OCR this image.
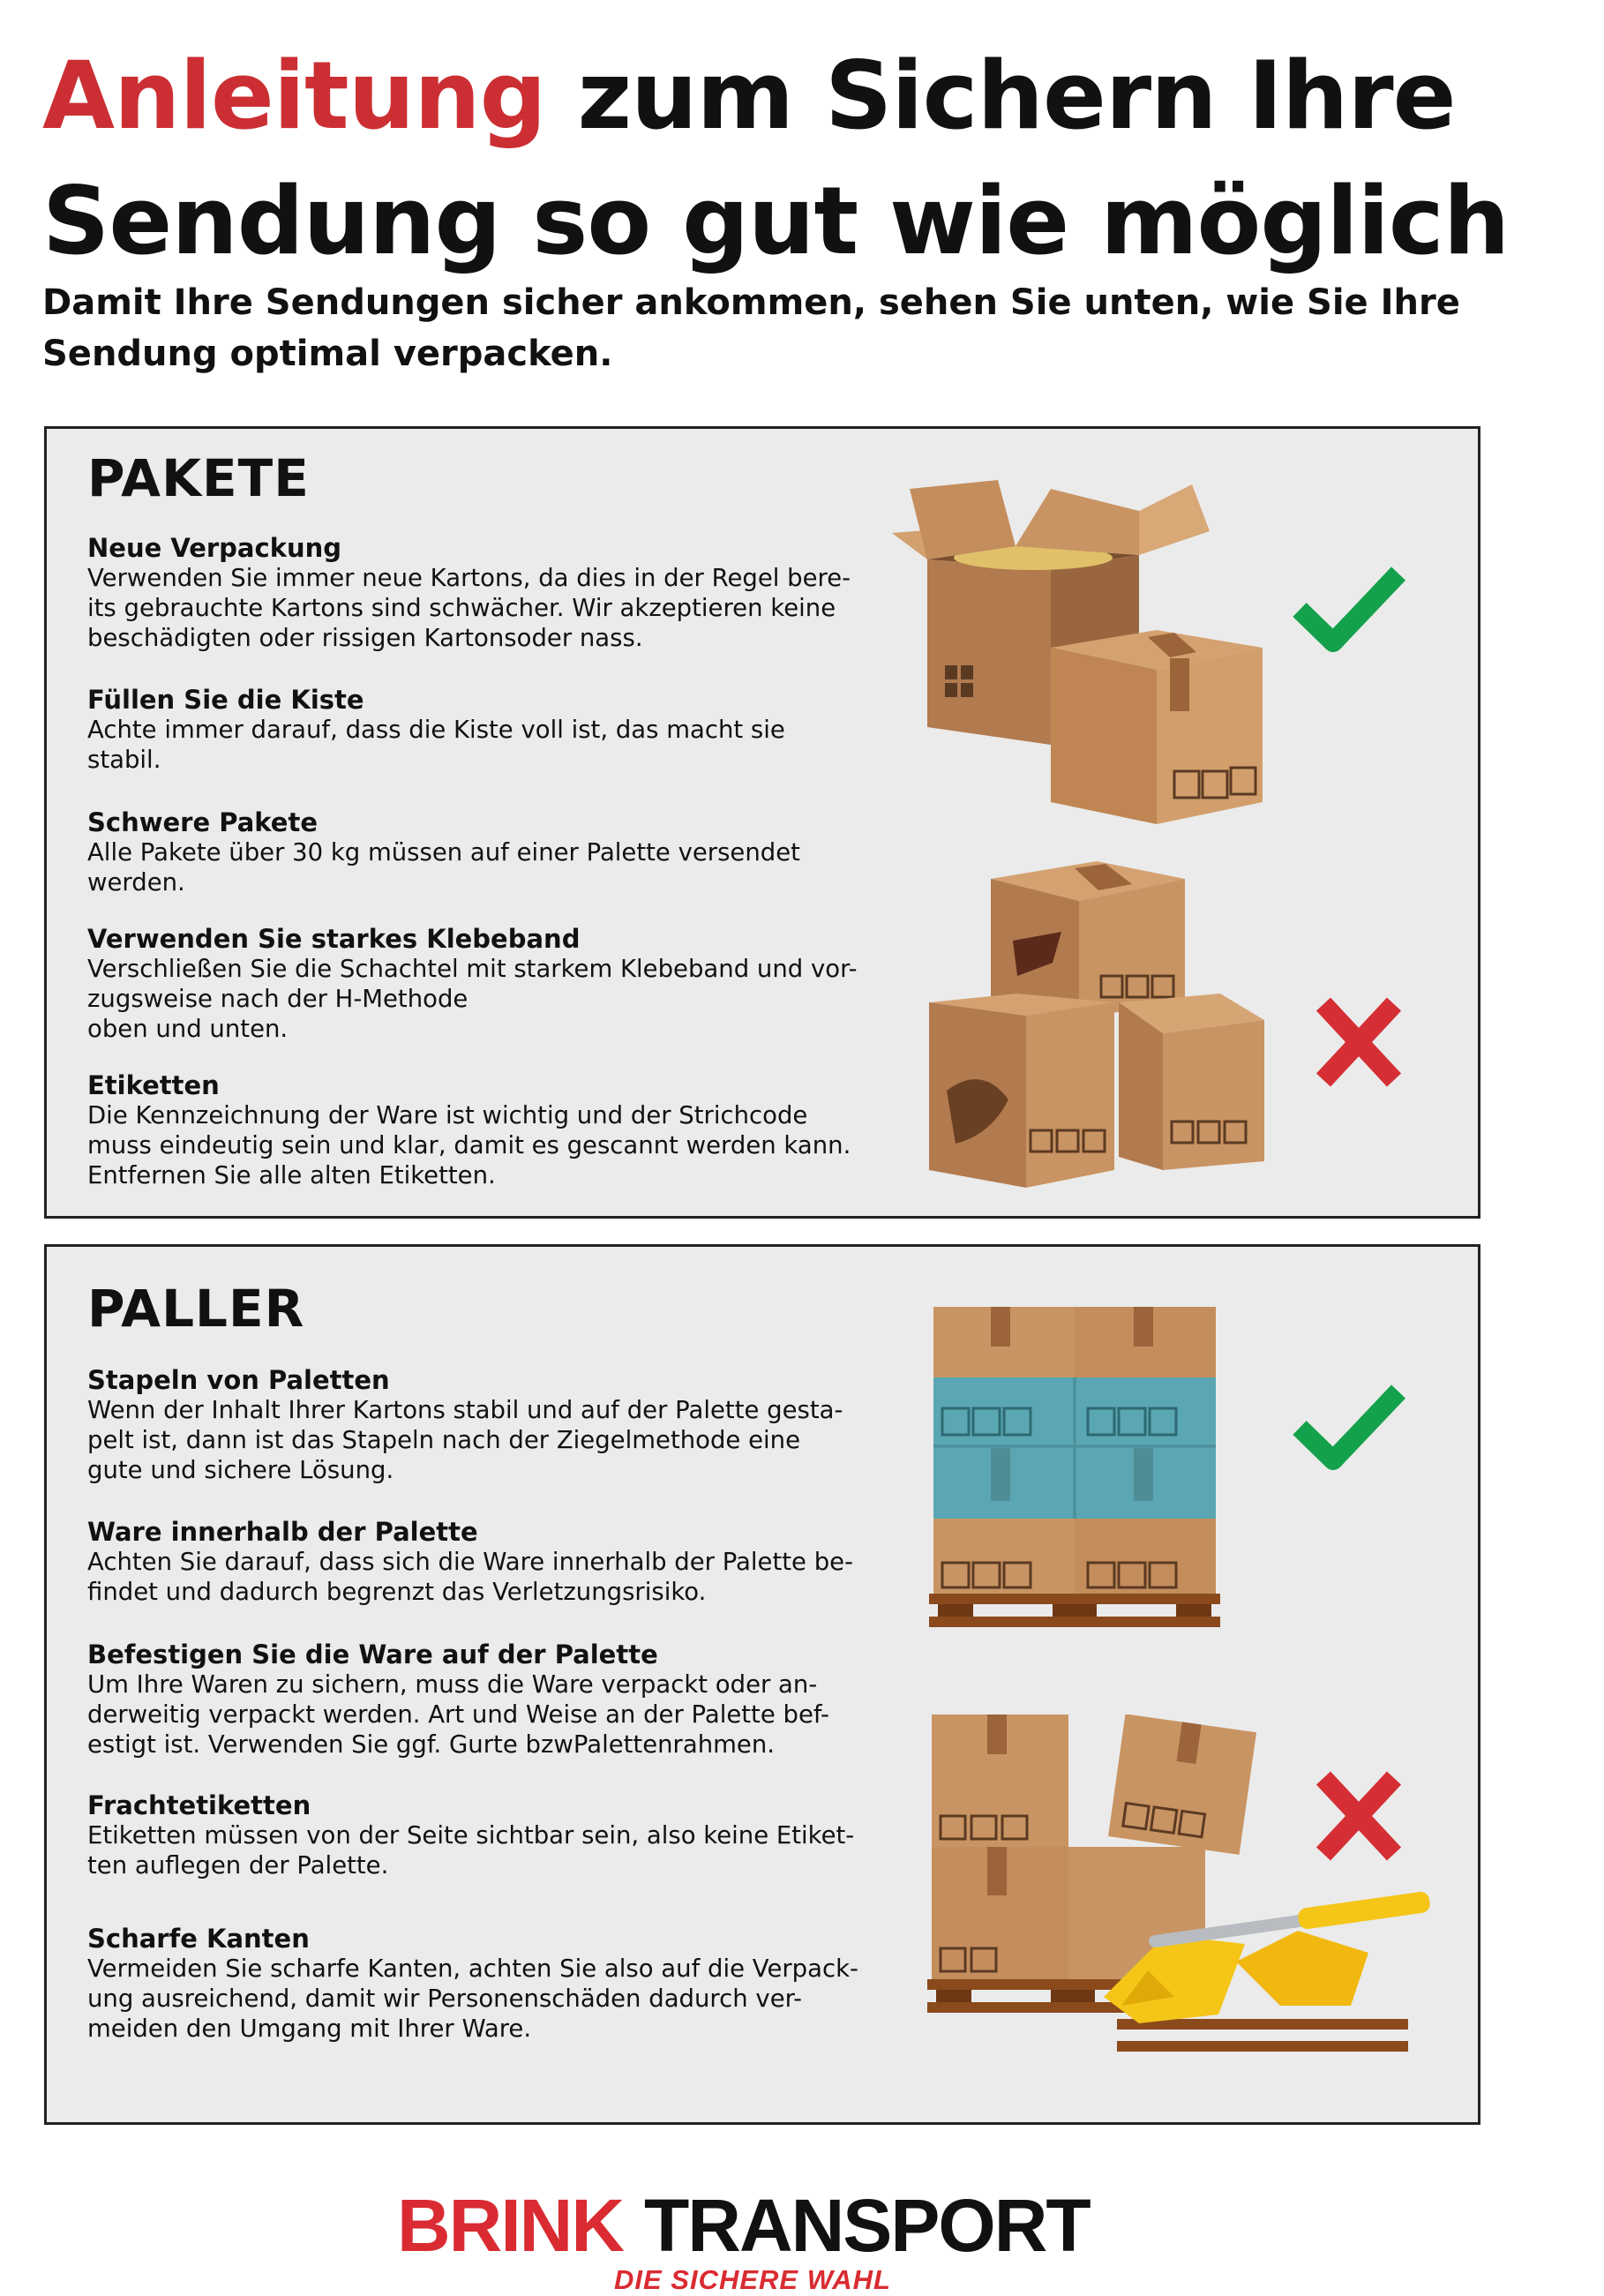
Anleitung zum Sichern Ihre
Sendung so gut wie möglich

Damit Ihre Sendungen sicher ankommen, sehen Sie unten, wie Sie Ihre Sendung optimal verpacken.

PAKETE
Neue Verpackung

Verwenden Sie immer neue Kartons, da dies in der Regel bere-
its gebrauchte Kartons sind schwächer. Wir akzeptieren keine
beschädigten oder rissigen Kartonsoder nass.

Füllen Sie die Kiste

Achte immer darauf, dass die Kiste voll ist, das macht sie
stabil.

Schwere Pakete

Alle Pakete über 30 kg müssen auf einer Palette versendet
werden.

Verwenden Sie starkes Klebeband

Verschließen Sie die Schachtel mit starkem Klebeband und vor-
zugsweise nach der H-Methode
oben und unten.

Etiketten

Die Kennzeichnung der Ware ist wichtig und der Strichcode
muss eindeutig sein und klar, damit es gescannt werden kann.
Entfernen Sie alle alten Etiketten.

PALLER
Stapeln von Paletten

Wenn der Inhalt Ihrer Kartons stabil und auf der Palette gesta-
pelt ist, dann ist das Stapeln nach der Ziegelmethode eine
gute und sichere Lösung.

Ware innerhalb der Palette

Achten Sie darauf, dass sich die Ware innerhalb der Palette be-
findet und dadurch begrenzt das Verletzungsrisiko.

Befestigen Sie die Ware auf der Palette

Um Ihre Waren zu sichern, muss die Ware verpackt oder an-
derweitig verpackt werden. Art und Weise an der Palette bef-
estigt ist. Verwenden Sie ggf. Gurte bzwPalettenrahmen.

Frachtetiketten

Etiketten müssen von der Seite sichtbar sein, also keine Etiket-
ten auflegen der Palette.

Scharfe Kanten

Vermeiden Sie scharfe Kanten, achten Sie also auf die Verpack-
ung ausreichend, damit wir Personenschäden dadurch ver-
meiden den Umgang mit Ihrer Ware.

BRINK TRANSPORT

DIE SICHERE WAHL
